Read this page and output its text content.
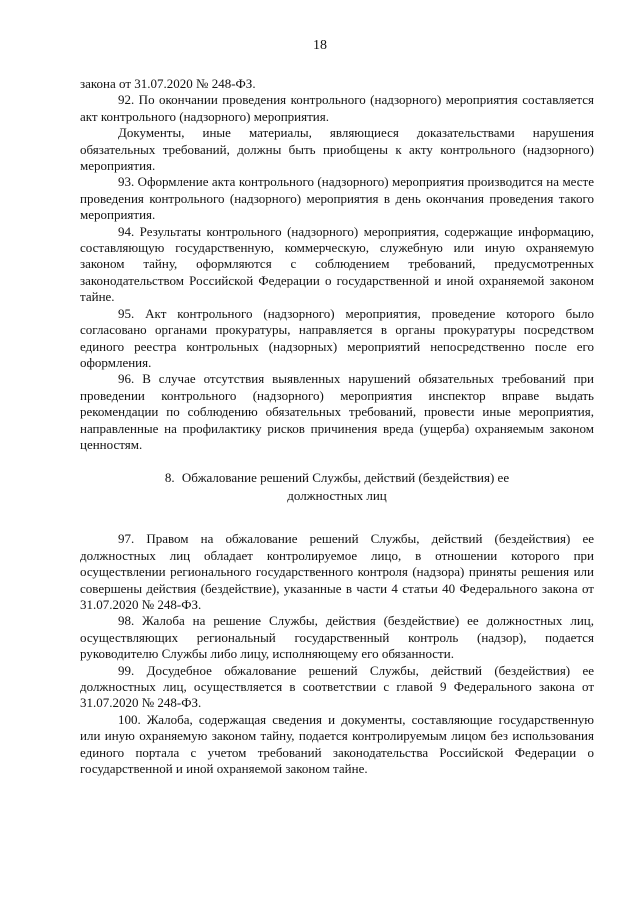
18

закона от 31.07.2020 № 248-ФЗ.

92. По окончании проведения контрольного (надзорного) мероприятия составляется акт контрольного (надзорного) мероприятия.

Документы, иные материалы, являющиеся доказательствами нарушения обязательных требований, должны быть приобщены к акту контрольного (надзорного) мероприятия.

93. Оформление акта контрольного (надзорного) мероприятия производится на месте проведения контрольного (надзорного) мероприятия в день окончания проведения такого мероприятия.

94. Результаты контрольного (надзорного) мероприятия, содержащие информацию, составляющую государственную, коммерческую, служебную или иную охраняемую законом тайну, оформляются с соблюдением требований, предусмотренных законодательством Российской Федерации о государственной и иной охраняемой законом тайне.

95. Акт контрольного (надзорного) мероприятия, проведение которого было согласовано органами прокуратуры, направляется в органы прокуратуры посредством единого реестра контрольных (надзорных) мероприятий непосредственно после его оформления.

96. В случае отсутствия выявленных нарушений обязательных требований при проведении контрольного (надзорного) мероприятия инспектор вправе выдать рекомендации по соблюдению обязательных требований, провести иные мероприятия, направленные на профилактику рисков причинения вреда (ущерба) охраняемым законом ценностям.

8. Обжалование решений Службы, действий (бездействия) ее
должностных лиц

97. Правом на обжалование решений Службы, действий (бездействия) ее должностных лиц обладает контролируемое лицо, в отношении которого при осуществлении регионального государственного контроля (надзора) приняты решения или совершены действия (бездействие), указанные в части 4 статьи 40 Федерального закона от 31.07.2020 № 248-ФЗ.

98. Жалоба на решение Службы, действия (бездействие) ее должностных лиц, осуществляющих региональный государственный контроль (надзор), подается руководителю Службы либо лицу, исполняющему его обязанности.

99. Досудебное обжалование решений Службы, действий (бездействия) ее должностных лиц, осуществляется в соответствии с главой 9 Федерального закона от 31.07.2020 № 248-ФЗ.

100. Жалоба, содержащая сведения и документы, составляющие государственную или иную охраняемую законом тайну, подается контролируемым лицом без использования единого портала с учетом требований законодательства Российской Федерации о государственной и иной охраняемой законом тайне.
